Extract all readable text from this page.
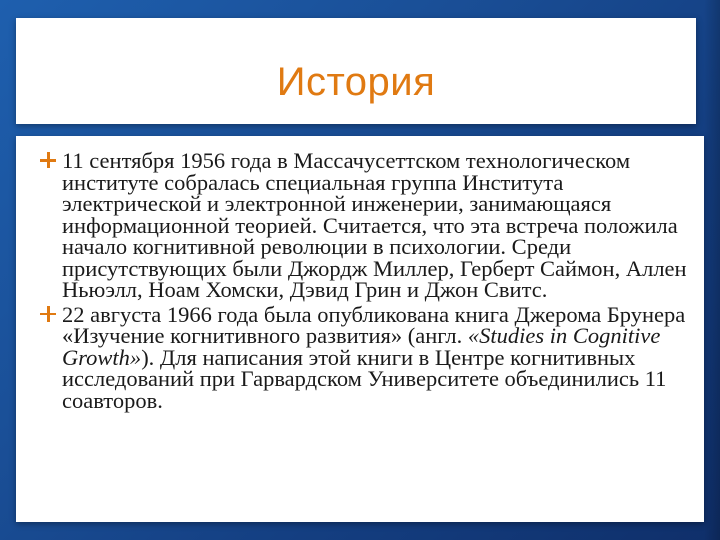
История
11 сентября 1956 года в Массачусеттском технологическом институте собралась специальная группа Института электрической и электронной инженерии, занимающаяся информационной теорией. Считается, что эта встреча положила начало когнитивной революции в психологии. Среди присутствующих были Джордж Миллер, Герберт Саймон, Аллен Ньюэлл, Ноам Хомски, Дэвид Грин и Джон Свитс.
22 августа 1966 года была опубликована книга Джерома Брунера «Изучение когнитивного развития» (англ. «Studies in Cognitive Growth»). Для написания этой книги в Центре когнитивных исследований при Гарвардском Университете объединились 11 соавторов.
